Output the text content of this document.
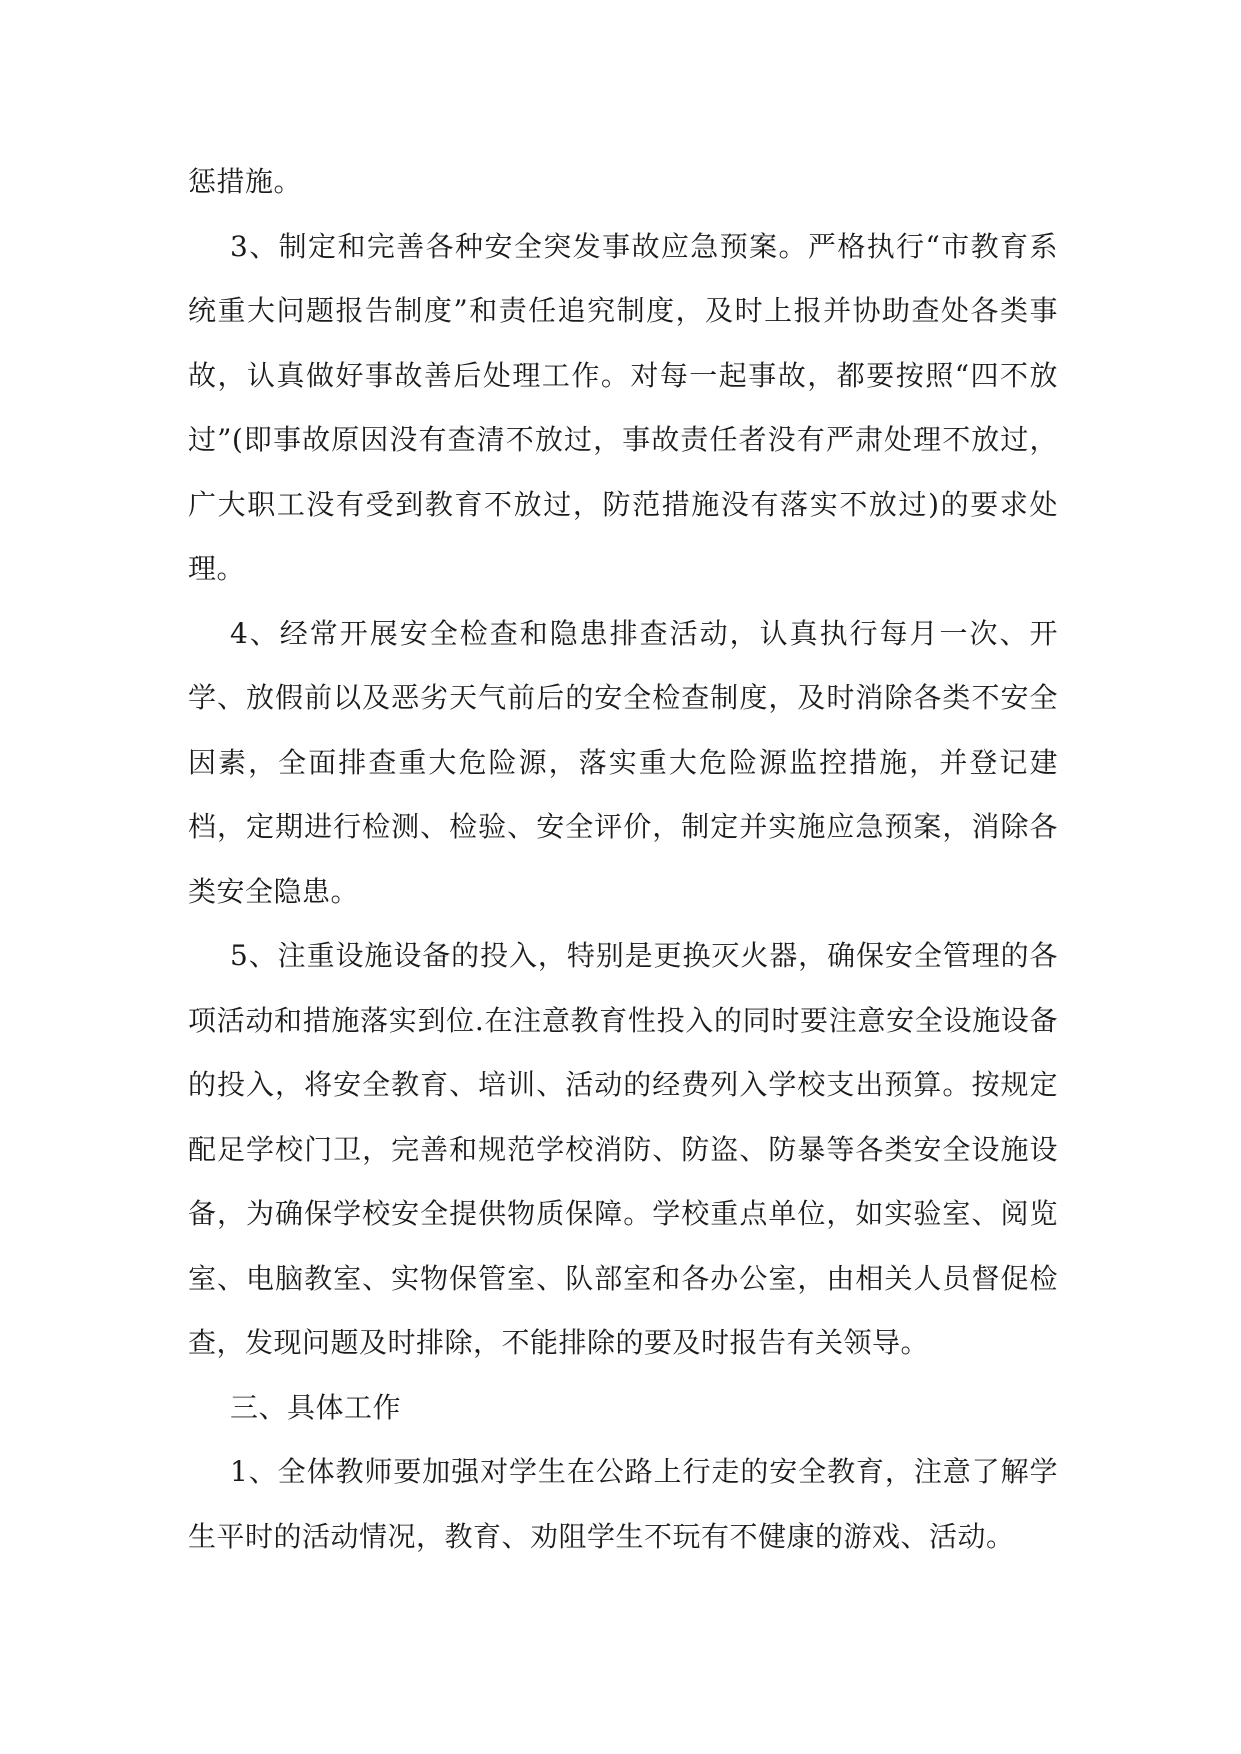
惩措施。

3、制定和完善各种安全突发事故应急预案。严格执行“市教育系统重大问题报告制度”和责任追究制度，及时上报并协助查处各类事故，认真做好事故善后处理工作。对每一起事故，都要按照“四不放过”(即事故原因没有查清不放过，事故责任者没有严肃处理不放过，广大职工没有受到教育不放过，防范措施没有落实不放过)的要求处理。

4、经常开展安全检查和隐患排查活动，认真执行每月一次、开学、放假前以及恶劣天气前后的安全检查制度，及时消除各类不安全因素，全面排查重大危险源，落实重大危险源监控措施，并登记建档，定期进行检测、检验、安全评价，制定并实施应急预案，消除各类安全隐患。

5、注重设施设备的投入，特别是更换灭火器，确保安全管理的各项活动和措施落实到位.在注意教育性投入的同时要注意安全设施设备的投入，将安全教育、培训、活动的经费列入学校支出预算。按规定配足学校门卫，完善和规范学校消防、防盗、防暴等各类安全设施设备，为确保学校安全提供物质保障。学校重点单位，如实验室、阅览室、电脑教室、实物保管室、队部室和各办公室，由相关人员督促检查，发现问题及时排除，不能排除的要及时报告有关领导。

三、具体工作

1、全体教师要加强对学生在公路上行走的安全教育，注意了解学生平时的活动情况，教育、劝阻学生不玩有不健康的游戏、活动。
